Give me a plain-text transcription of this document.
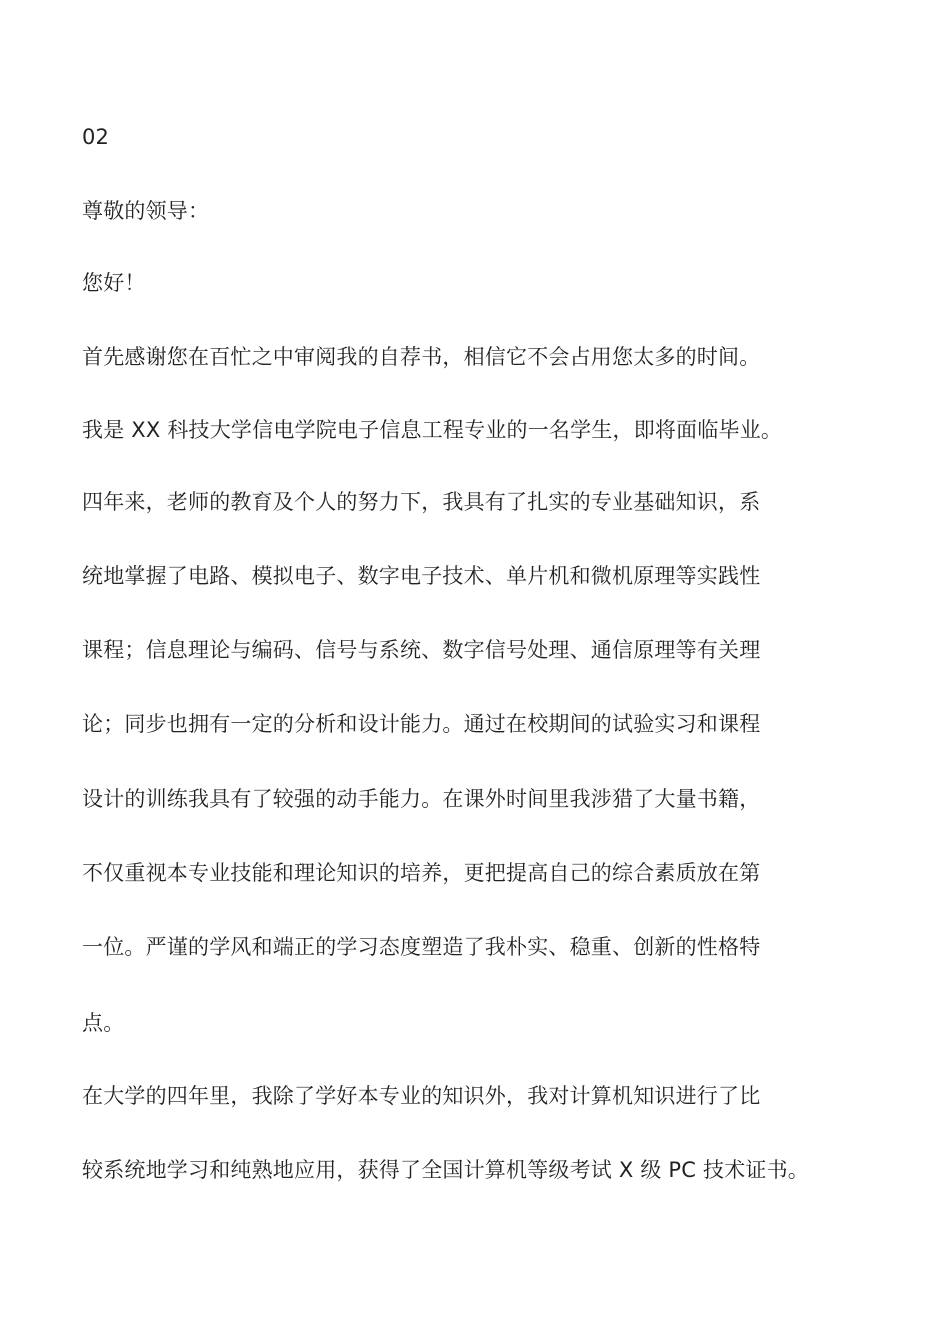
02
尊敬的领导：
您好！
首先感谢您在百忙之中审阅我的自荐书，相信它不会占用您太多的时间。
我是 XX 科技大学信电学院电子信息工程专业的一名学生，即将面临毕业。
四年来，老师的教育及个人的努力下，我具有了扎实的专业基础知识，系
统地掌握了电路、模拟电子、数字电子技术、单片机和微机原理等实践性
课程；信息理论与编码、信号与系统、数字信号处理、通信原理等有关理
论；同步也拥有一定的分析和设计能力。通过在校期间的试验实习和课程
设计的训练我具有了较强的动手能力。在课外时间里我涉猎了大量书籍，
不仅重视本专业技能和理论知识的培养，更把提高自己的综合素质放在第
一位。严谨的学风和端正的学习态度塑造了我朴实、稳重、创新的性格特
点。
在大学的四年里，我除了学好本专业的知识外，我对计算机知识进行了比
较系统地学习和纯熟地应用，获得了全国计算机等级考试 X 级 PC 技术证书。
